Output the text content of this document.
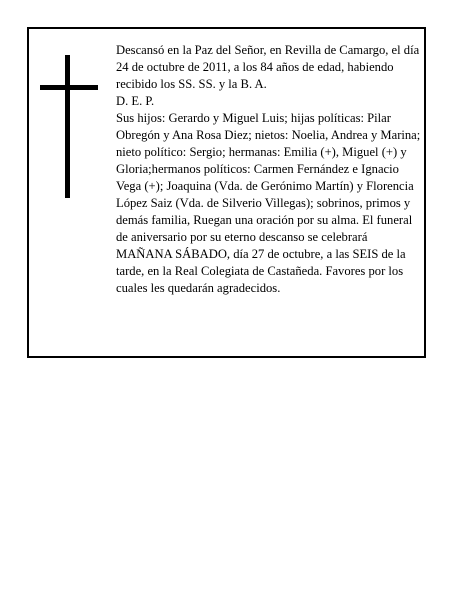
Descansó en la Paz del Señor, en Revilla de Camargo, el día 24 de octubre de 2011, a los 84 años de edad, habiendo recibido los SS. SS. y la B. A.

D. E. P.

Sus hijos: Gerardo y Miguel Luis; hijas políticas: Pilar Obregón y Ana Rosa Diez; nietos: Noelia, Andrea y Marina; nieto político: Sergio; hermanas: Emilia (+), Miguel (+) y Gloria;hermanos políticos: Carmen Fernández e Ignacio Vega (+); Joaquina (Vda. de Gerónimo Martín) y Florencia López Saiz (Vda. de Silverio Villegas); sobrinos, primos y demás familia, Ruegan una oración por su alma. El funeral de aniversario por su eterno descanso se celebrará MAÑANA SÁBADO, día 27 de octubre, a las SEIS de la tarde, en la Real Colegiata de Castañeda. Favores por los cuales les quedarán agradecidos.
